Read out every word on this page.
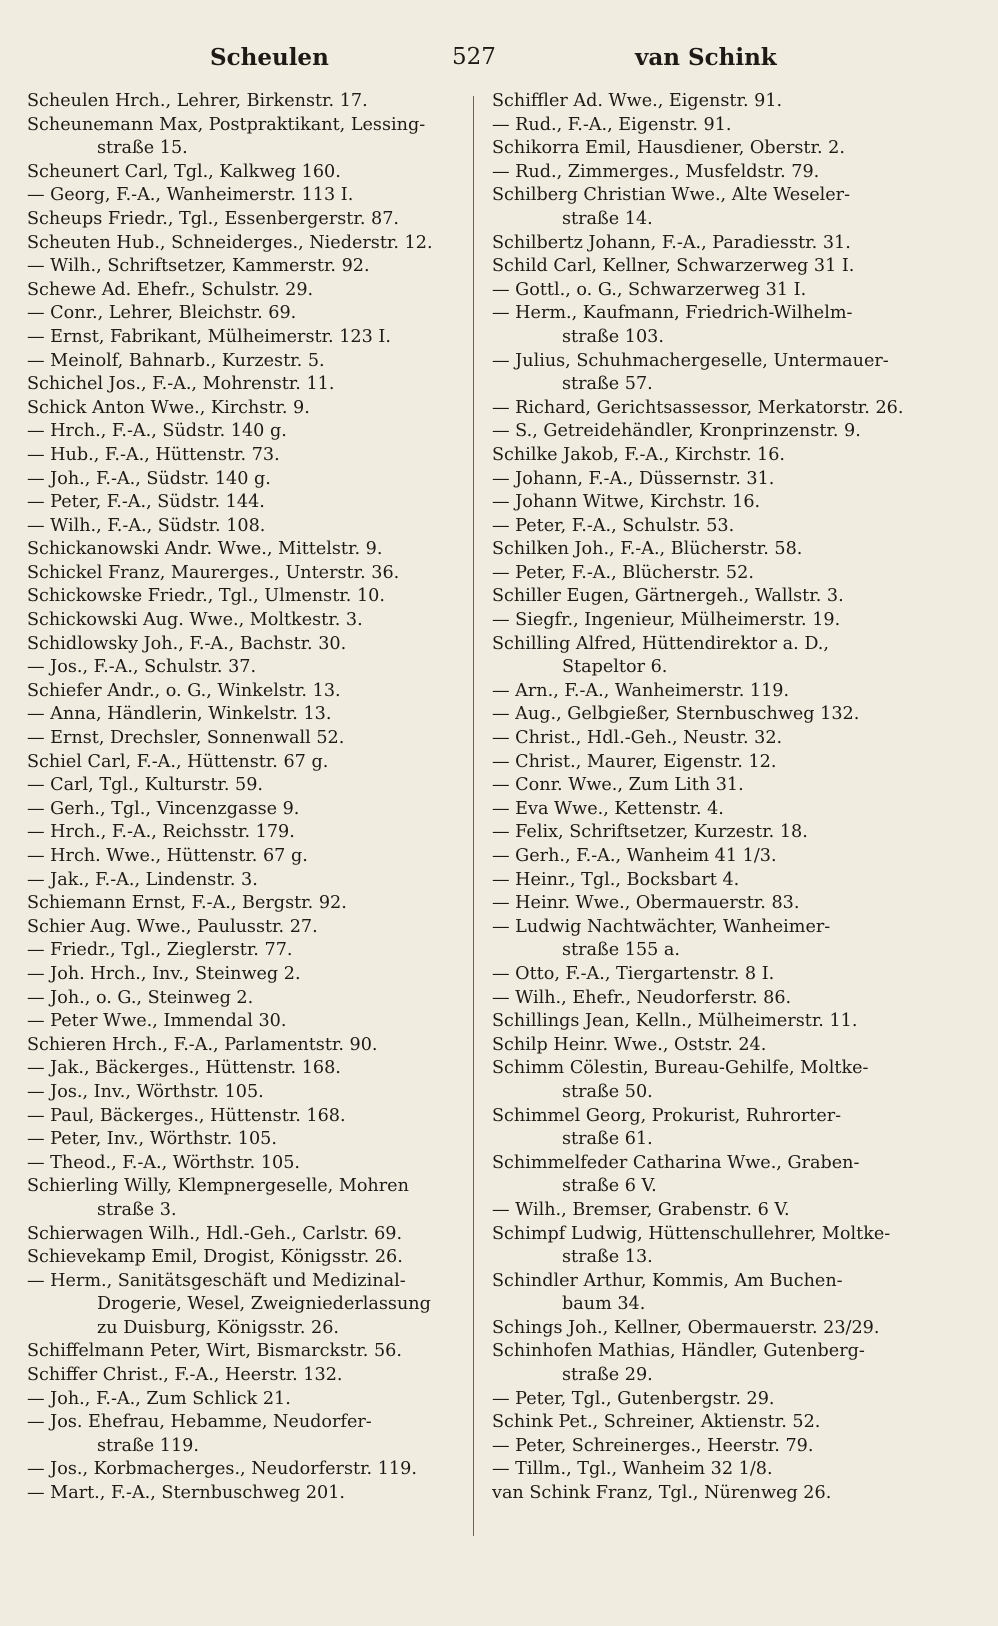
Scheulen	527	van Schink
Scheulen Hrch., Lehrer, Birkenstr. 17.
Scheunemann Max, Postpraktikant, Lessing-
straße 15.
Scheunert Carl, Tgl., Kalkweg 160.
— Georg, F.-A., Wanheimerstr. 113 I.
Scheups Friedr., Tgl., Essenbergerstr. 87.
Scheuten Hub., Schneiderges., Niederstr. 12.
— Wilh., Schriftsetzer, Kammerstr. 92.
Schewe Ad. Ehefr., Schulstr. 29.
— Conr., Lehrer, Bleichstr. 69.
— Ernst, Fabrikant, Mülheimerstr. 123 I.
— Meinolf, Bahnarb., Kurzestr. 5.
Schichel Jos., F.-A., Mohrenstr. 11.
Schick Anton Wwe., Kirchstr. 9.
— Hrch., F.-A., Südstr. 140 g.
— Hub., F.-A., Hüttenstr. 73.
— Joh., F.-A., Südstr. 140 g.
— Peter, F.-A., Südstr. 144.
— Wilh., F.-A., Südstr. 108.
Schickanowski Andr. Wwe., Mittelstr. 9.
Schickel Franz, Maurerges., Unterstr. 36.
Schickowske Friedr., Tgl., Ulmenstr. 10.
Schickowski Aug. Wwe., Moltkestr. 3.
Schidlowsky Joh., F.-A., Bachstr. 30.
— Jos., F.-A., Schulstr. 37.
Schiefer Andr., o. G., Winkelstr. 13.
— Anna, Händlerin, Winkelstr. 13.
— Ernst, Drechsler, Sonnenwall 52.
Schiel Carl, F.-A., Hüttenstr. 67 g.
— Carl, Tgl., Kulturstr. 59.
— Gerh., Tgl., Vincenzgasse 9.
— Hrch., F.-A., Reichsstr. 179.
— Hrch. Wwe., Hüttenstr. 67 g.
— Jak., F.-A., Lindenstr. 3.
Schiemann Ernst, F.-A., Bergstr. 92.
Schier Aug. Wwe., Paulusstr. 27.
— Friedr., Tgl., Zieglerstr. 77.
— Joh. Hrch., Inv., Steinweg 2.
— Joh., o. G., Steinweg 2.
— Peter Wwe., Immendal 30.
Schieren Hrch., F.-A., Parlamentstr. 90.
— Jak., Bäckerges., Hüttenstr. 168.
— Jos., Inv., Wörthstr. 105.
— Paul, Bäckerges., Hüttenstr. 168.
— Peter, Inv., Wörthstr. 105.
— Theod., F.-A., Wörthstr. 105.
Schierling Willy, Klempnergeselle, Mohren
straße 3.
Schierwagen Wilh., Hdl.-Geh., Carlstr. 69.
Schievekamp Emil, Drogist, Königsstr. 26.
— Herm., Sanitätsgeschäft und Medizinal-
Drogerie, Wesel, Zweigniederlassung
zu Duisburg, Königsstr. 26.
Schiffelmann Peter, Wirt, Bismarckstr. 56.
Schiffer Christ., F.-A., Heerstr. 132.
— Joh., F.-A., Zum Schlick 21.
— Jos. Ehefrau, Hebamme, Neudorfer-
straße 119.
— Jos., Korbmacherges., Neudorferstr. 119.
— Mart., F.-A., Sternbuschweg 201.
Schiffler Ad. Wwe., Eigenstr. 91.
— Rud., F.-A., Eigenstr. 91.
Schikorra Emil, Hausdiener, Oberstr. 2.
— Rud., Zimmerges., Musfeldstr. 79.
Schilberg Christian Wwe., Alte Weseler-
straße 14.
Schilbertz Johann, F.-A., Paradiesstr. 31.
Schild Carl, Kellner, Schwarzerweg 31 I.
— Gottl., o. G., Schwarzerweg 31 I.
— Herm., Kaufmann, Friedrich-Wilhelm-
straße 103.
— Julius, Schuhmachergeselle, Untermauer-
straße 57.
— Richard, Gerichtsassessor, Merkatorstr. 26.
— S., Getreidehändler, Kronprinzenstr. 9.
Schilke Jakob, F.-A., Kirchstr. 16.
— Johann, F.-A., Düssernstr. 31.
— Johann Witwe, Kirchstr. 16.
— Peter, F.-A., Schulstr. 53.
Schilken Joh., F.-A., Blücherstr. 58.
— Peter, F.-A., Blücherstr. 52.
Schiller Eugen, Gärtnergeh., Wallstr. 3.
— Siegfr., Ingenieur, Mülheimerstr. 19.
Schilling Alfred, Hüttendirektor a. D.,
Stapeltor 6.
— Arn., F.-A., Wanheimerstr. 119.
— Aug., Gelbgießer, Sternbuschweg 132.
— Christ., Hdl.-Geh., Neustr. 32.
— Christ., Maurer, Eigenstr. 12.
— Conr. Wwe., Zum Lith 31.
— Eva Wwe., Kettenstr. 4.
— Felix, Schriftsetzer, Kurzestr. 18.
— Gerh., F.-A., Wanheim 41 1/3.
— Heinr., Tgl., Bocksbart 4.
— Heinr. Wwe., Obermauerstr. 83.
— Ludwig Nachtwächter, Wanheimer-
straße 155 a.
— Otto, F.-A., Tiergartenstr. 8 I.
— Wilh., Ehefr., Neudorferstr. 86.
Schillings Jean, Kelln., Mülheimerstr. 11.
Schilp Heinr. Wwe., Oststr. 24.
Schimm Cölestin, Bureau-Gehilfe, Moltke-
straße 50.
Schimmel Georg, Prokurist, Ruhrorter-
straße 61.
Schimmelfeder Catharina Wwe., Graben-
straße 6 V.
— Wilh., Bremser, Grabenstr. 6 V.
Schimpf Ludwig, Hüttenschullehrer, Moltke-
straße 13.
Schindler Arthur, Kommis, Am Buchen-
baum 34.
Schings Joh., Kellner, Obermauerstr. 23/29.
Schinhofen Mathias, Händler, Gutenberg-
straße 29.
— Peter, Tgl., Gutenbergstr. 29.
Schink Pet., Schreiner, Aktienstr. 52.
— Peter, Schreinerges., Heerstr. 79.
— Tillm., Tgl., Wanheim 32 1/8.
van Schink Franz, Tgl., Nürenweg 26.
